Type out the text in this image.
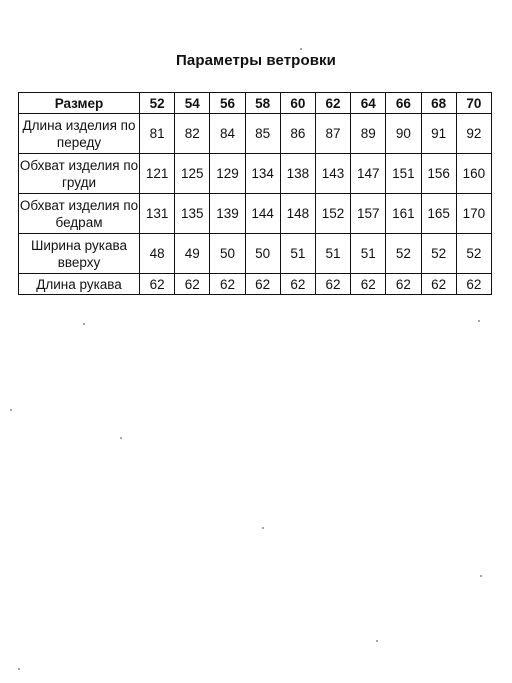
Параметры ветровки
Размер	52	54	56	58	60	62	64	66	68	70
Длина изделия по переду	81	82	84	85	86	87	89	90	91	92
Обхват изделия по груди	121	125	129	134	138	143	147	151	156	160
Обхват изделия по бедрам	131	135	139	144	148	152	157	161	165	170
Ширина рукава вверху	48	49	50	50	51	51	51	52	52	52
Длина рукава	62	62	62	62	62	62	62	62	62	62
